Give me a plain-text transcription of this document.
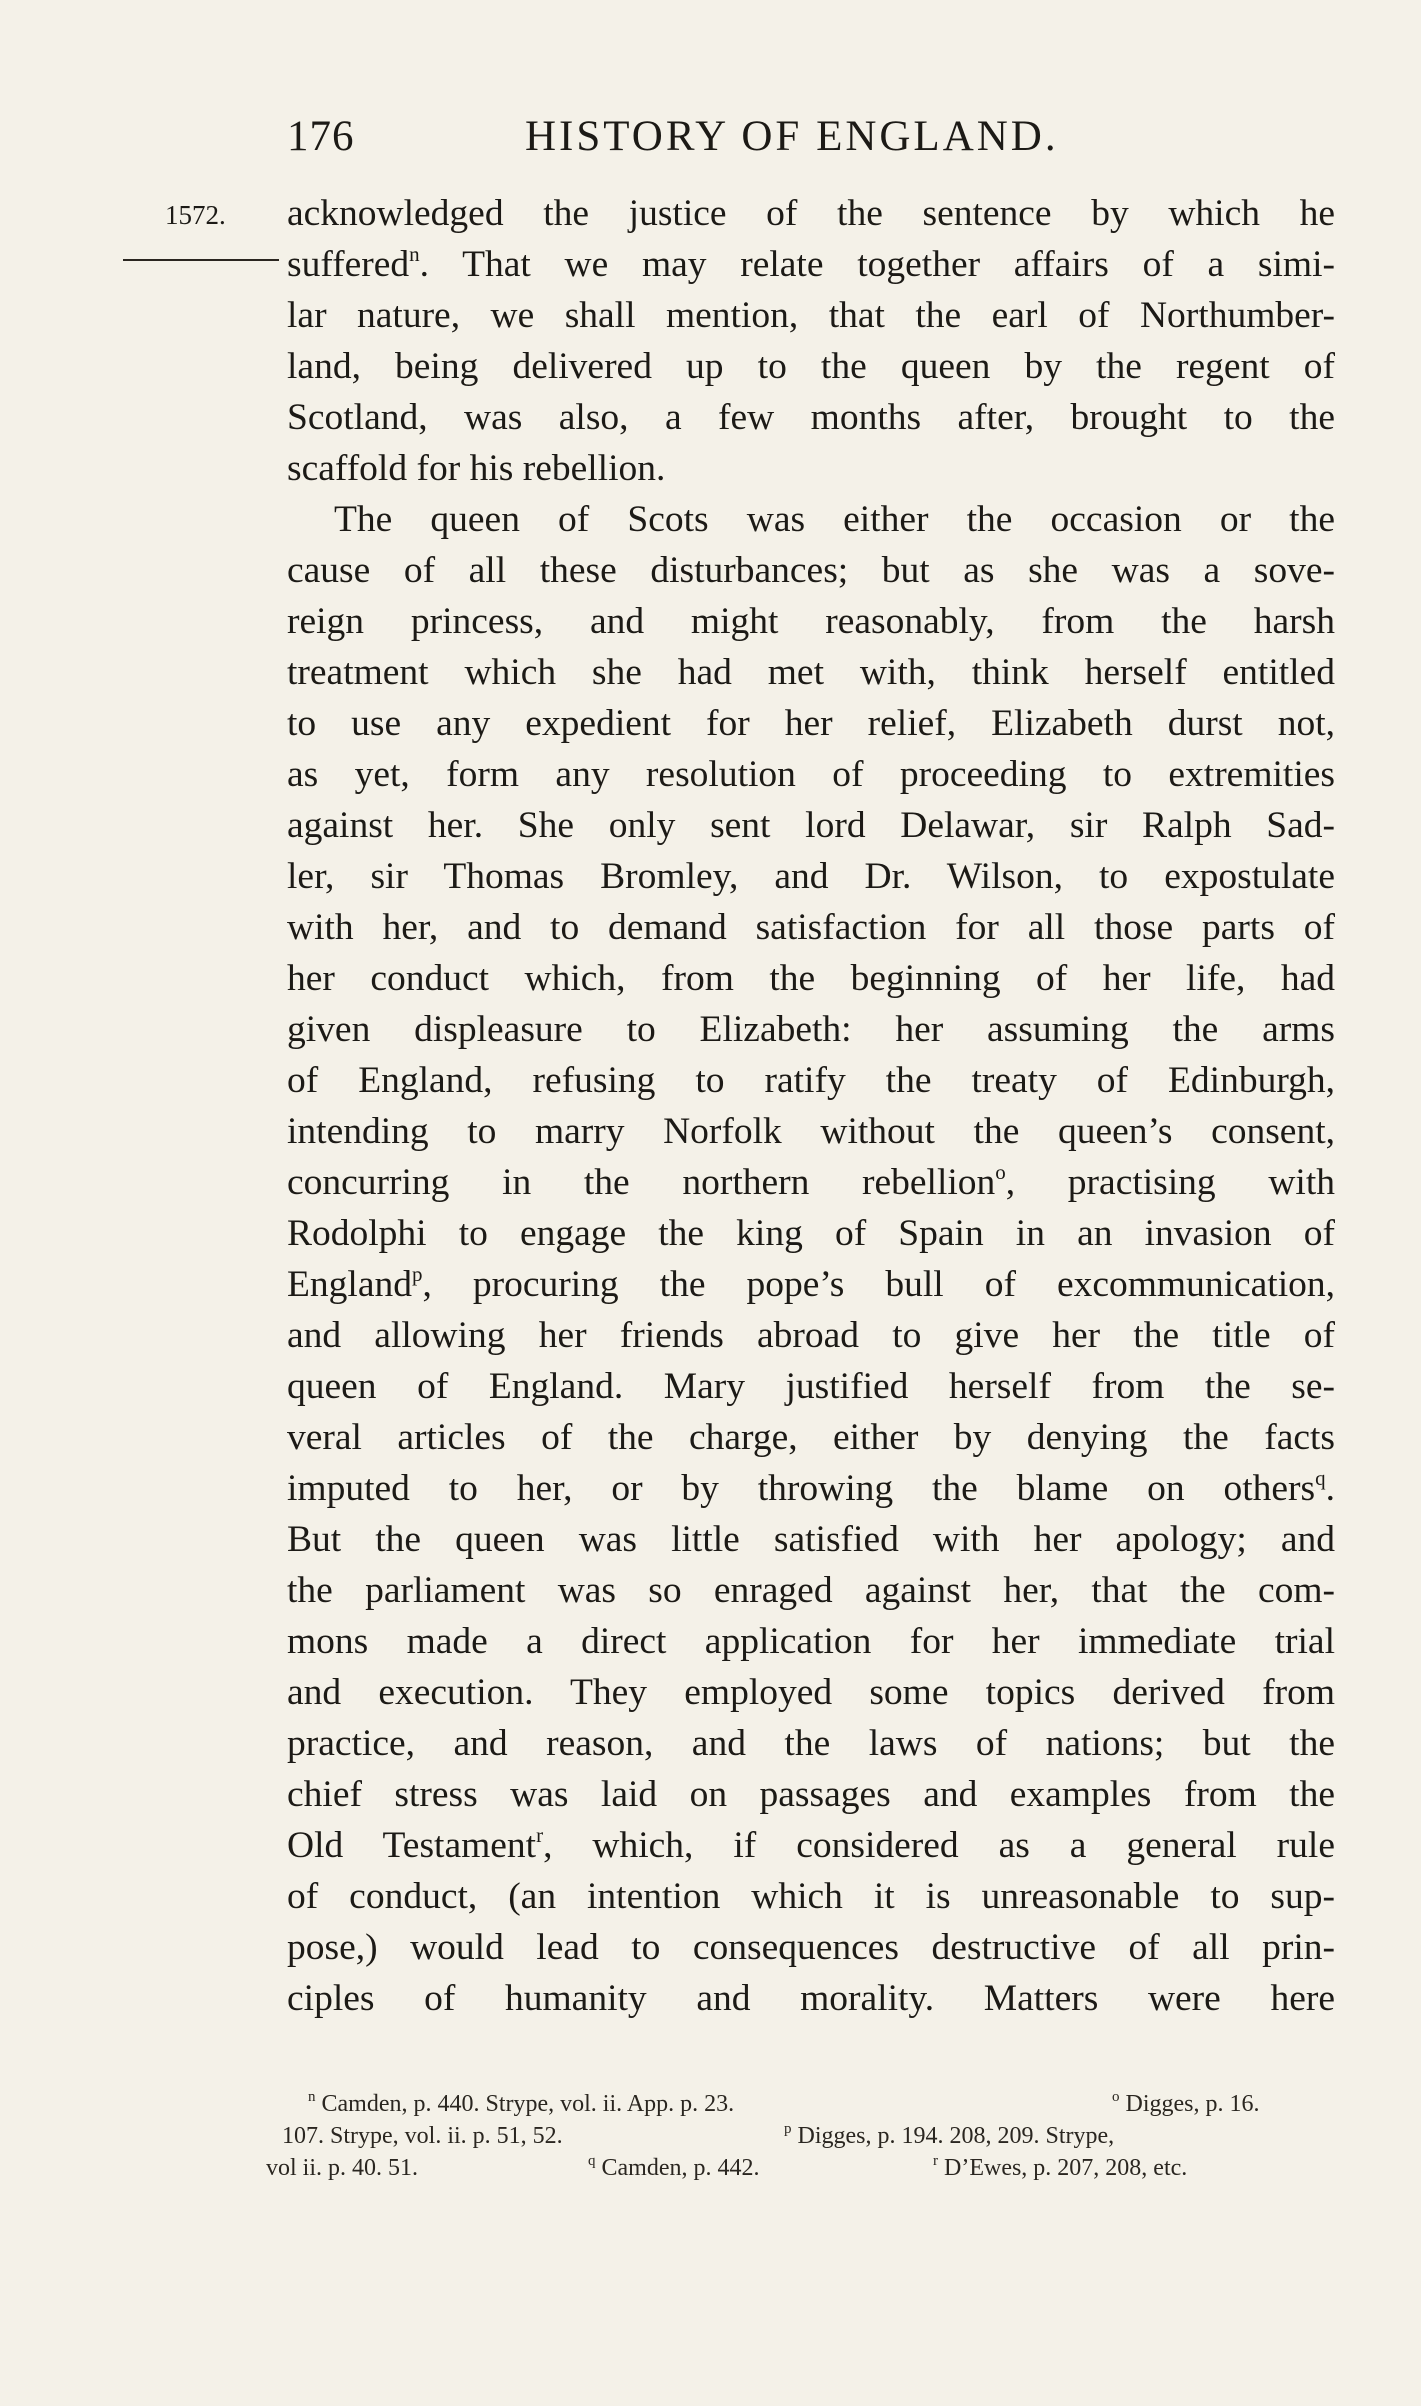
176	HISTORY OF ENGLAND.
1572. acknowledged the justice of the sentence by which he
suffered$^n$. That we may relate together affairs of a simi-
lar nature, we shall mention, that the earl of Northumber-
land, being delivered up to the queen by the regent of
Scotland, was also, a few months after, brought to the
scaffold for his rebellion.
The queen of Scots was either the occasion or the
cause of all these disturbances; but as she was a sove-
reign princess, and might reasonably, from the harsh
treatment which she had met with, think herself entitled
to use any expedient for her relief, Elizabeth durst not,
as yet, form any resolution of proceeding to extremities
against her. She only sent lord Delawar, sir Ralph Sad-
ler, sir Thomas Bromley, and Dr. Wilson, to expostulate
with her, and to demand satisfaction for all those parts of
her conduct which, from the beginning of her life, had
given displeasure to Elizabeth: her assuming the arms
of England, refusing to ratify the treaty of Edinburgh,
intending to marry Norfolk without the queen’s consent,
concurring in the northern rebellion$^o$, practising with
Rodolphi to engage the king of Spain in an invasion of
England$^p$, procuring the pope’s bull of excommunication,
and allowing her friends abroad to give her the title of
queen of England. Mary justified herself from the se-
veral articles of the charge, either by denying the facts
imputed to her, or by throwing the blame on others$^q$.
But the queen was little satisfied with her apology; and
the parliament was so enraged against her, that the com-
mons made a direct application for her immediate trial
and execution. They employed some topics derived from
practice, and reason, and the laws of nations; but the
chief stress was laid on passages and examples from the
Old Testament$^r$, which, if considered as a general rule
of conduct, (an intention which it is unreasonable to sup-
pose,) would lead to consequences destructive of all prin-
ciples of humanity and morality. Matters were here
$^n$ Camden, p. 440. Strype, vol. ii. App. p. 23.	$^o$ Digges, p. 16.
107. Strype, vol. ii. p. 51, 52.	$^p$ Digges, p. 194. 208, 209. Strype,
vol ii. p. 40. 51.	$^q$ Camden, p. 442.	$^r$ D’Ewes, p. 207, 208, etc.
